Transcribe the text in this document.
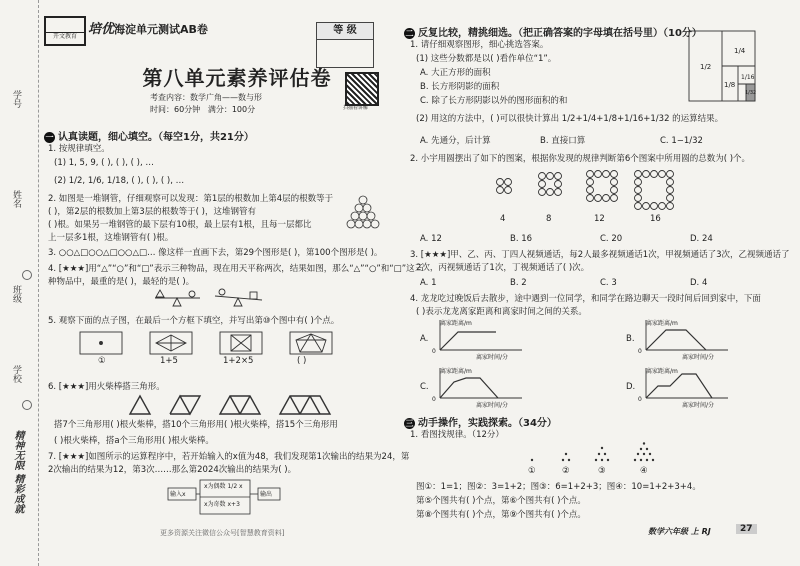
学号
姓名
班级
学校
精神无限 精彩成就
开文教育 培优海淀单元测试AB卷	等 级
第八单元素养评估卷
扫描看讲解
考查内容：数学广角——数与形
时间：60分钟 满分：100分
一 认真读题，细心填空。（每空1分，共21分）
1. 按规律填空。
(1) 1, 5, 9, ( ), ( ), ( ), …
(2) 1/2, 1/6, 1/18, ( ), ( ), ( ), …
2. 如图是一堆钢管，仔细观察可以发现：第1层的根数加上第4层的根数等于
( )，第2层的根数加上第3层的根数等于( )，这堆钢管有
( )根。如果另一堆钢管的最下层有10根，最上层有1根，且每一层都比
上一层多1根，这堆钢管有( )根。
3. ○○△□○○△□○○△□… 像这样一直画下去，第29个图形是( )，第100个图形是( )。
4. [★★★]用“△”“○”和“□”表示三种物品，现在用天平称两次，结果如图，那么“△”“○”和“□”这三
种物品中，最重的是( )，最轻的是( )。
5. 观察下面的点子图，在最后一个方框下填空，并写出第⑩个图中有( )个点。
①	1+5	1+2×5	( )
6. [★★★]用火柴棒搭三角形。
搭7个三角形用( )根火柴棒，搭10个三角形用( )根火柴棒，搭15个三角形用
( )根火柴棒，搭a个三角形用( )根火柴棒。
7. [★★★]如图所示的运算程序中，若开始输入的x值为48，我们发现第1次输出的结果为24，第
2次输出的结果为12，第3次……那么第2024次输出的结果为( )。
输入x	输出
x为偶数 1/2 x
x为奇数 x+3
更多资源关注微信公众号[智慧教育资料]
二 反复比较，精挑细选。（把正确答案的字母填在括号里）（10分）
1. 请仔细观察图形，细心挑选答案。
(1) 这些分数都是以( )看作单位“1”。
A. 大正方形的面积
B. 长方形阴影的面积
C. 除了长方形阴影以外的图形面积的和
(2) 用这的方法中，( )可以很快计算出 1/2+1/4+1/8+1/16+1/32 的运算结果。
A. 先通分，后计算	B. 直接口算	C. 1−1/32
1/2
1/4
1/8
1/16
1/32
2. 小宇用圆摆出了如下的图案，根据你发现的规律判断第6个图案中所用圆的总数为( )个。
4	8	12	16
A. 12	B. 16	C. 20	D. 24
3. [★★★]甲、乙、丙、丁四人视频通话，每2人最多视频通话1次，甲视频通话了3次，乙视频通话了
2次，丙视频通话了1次，丁视频通话了( )次。
A. 1	B. 2	C. 3	D. 4
4. 龙龙吃过晚饭后去散步，途中遇到一位同学，和同学在路边聊天一段时间后回到家中，下面
( )表示龙龙离家距离和离家时间之间的关系。
A.
离家距离/m
离家时间/分
0
B.
离家距离/m
离家时间/分
0
C.
离家距离/m
离家时间/分
0
D.
离家距离/m
离家时间/分
0
三 动手操作，实践探索。（34分）
1. 看图找规律。（12分）
①	②	③	④
图①：1=1；图②：3=1+2；图③：6=1+2+3；图④：10=1+2+3+4。
第⑤个图共有( )个点，第⑥个图共有( )个点。
第⑧个图共有( )个点，第⑨个图共有( )个点。
数学六年级 上 RJ	27
